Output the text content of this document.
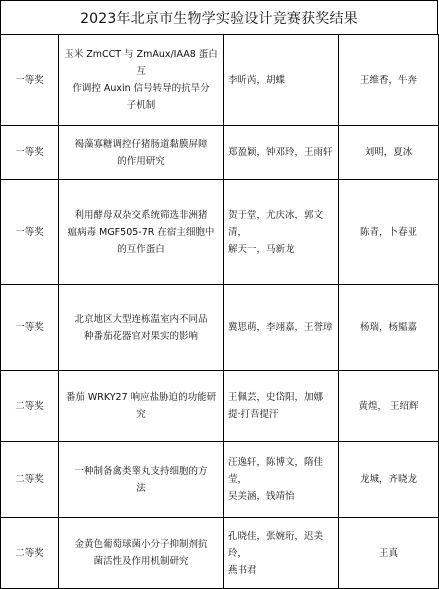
2023年北京市生物学实验设计竞赛获奖结果
一等奖	玉米 ZmCCT 与 ZmAux/IAA8 蛋白互
作调控 Auxin 信号转导的抗旱分
子机制	李昕芮，胡蝶	王维香，牛奔
一等奖	褐藻寡糖调控仔猪肠道黏膜屏障
的作用研究	郑盈颖，钟邓玲，王雨轩	刘明，夏冰
一等奖	利用酵母双杂交系统筛选非洲猪
瘟病毒 MGF505-7R 在宿主细胞中
的互作蛋白	贺于堂，尤庆冰，郭文清，
解天一，马新龙	陈青，卜春亚
一等奖	北京地区大型连栋温室内不同品
种番茄花器官对果实的影响	冀思萌，李翊嘉，王誉璋	杨瑞，杨韫嘉
二等奖	番茄 WRKY27 响应盐胁迫的功能研究	王佩芸，史岱阳，加娜
提·打吾提汗	黄煌， 王绍辉
二等奖	一种制备禽类睾丸支持细胞的方
法	汪逸轩，陈博文，隋佳莹，
吴美涵，钱靖怡	龙城，齐晓龙
二等奖	金黄色葡萄球菌小分子抑制剂抗
菌活性及作用机制研究	孔晓佳，张婉珩，迟美玲，
燕书君	王真
